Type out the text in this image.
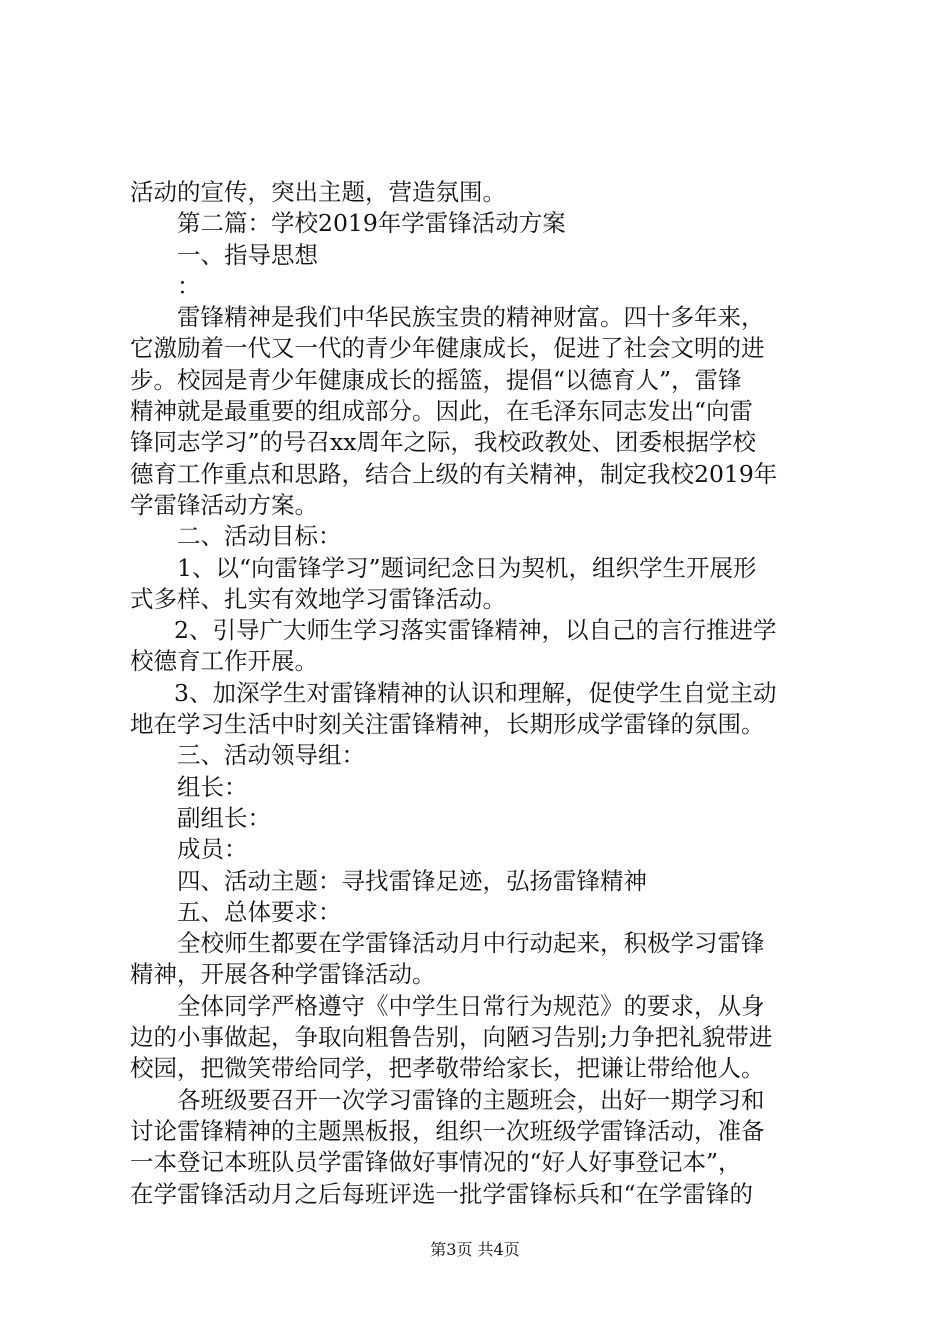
活动的宣传，突出主题，营造氛围。
第二篇：学校2019年学雷锋活动方案
一、指导思想
：
雷锋精神是我们中华民族宝贵的精神财富。四十多年来，
它激励着一代又一代的青少年健康成长，促进了社会文明的进
步。校园是青少年健康成长的摇篮，提倡“以德育人”，雷锋
精神就是最重要的组成部分。因此，在毛泽东同志发出“向雷
锋同志学习”的号召xx周年之际，我校政教处、团委根据学校
德育工作重点和思路，结合上级的有关精神，制定我校2019年
学雷锋活动方案。
二、活动目标：
1、以“向雷锋学习”题词纪念日为契机，组织学生开展形
式多样、扎实有效地学习雷锋活动。
2、引导广大师生学习落实雷锋精神，以自己的言行推进学
校德育工作开展。
3、加深学生对雷锋精神的认识和理解，促使学生自觉主动
地在学习生活中时刻关注雷锋精神，长期形成学雷锋的氛围。
三、活动领导组：
组长：
副组长：
成员：
四、活动主题：寻找雷锋足迹，弘扬雷锋精神
五、总体要求：
全校师生都要在学雷锋活动月中行动起来，积极学习雷锋
精神，开展各种学雷锋活动。
全体同学严格遵守《中学生日常行为规范》的要求，从身
边的小事做起，争取向粗鲁告别，向陋习告别;力争把礼貌带进
校园，把微笑带给同学，把孝敬带给家长，把谦让带给他人。
各班级要召开一次学习雷锋的主题班会，出好一期学习和
讨论雷锋精神的主题黑板报，组织一次班级学雷锋活动，准备
一本登记本班队员学雷锋做好事情况的“好人好事登记本”，
在学雷锋活动月之后每班评选一批学雷锋标兵和“在学雷锋的
第3页 共4页
